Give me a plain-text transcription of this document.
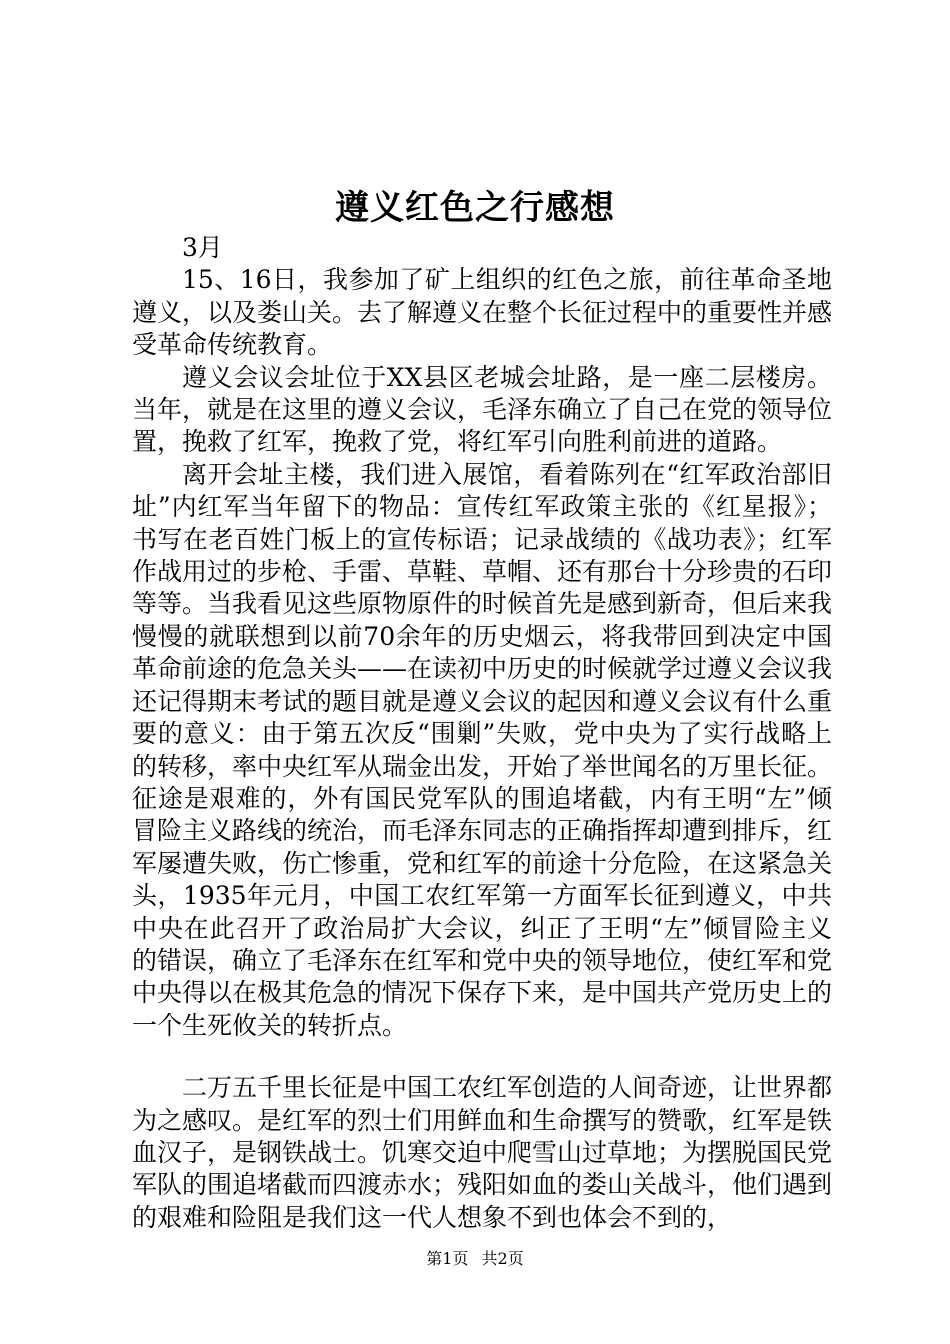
遵义红色之行感想

3月

15、16日，我参加了矿上组织的红色之旅，前往革命圣地遵义，以及娄山关。去了解遵义在整个长征过程中的重要性并感受革命传统教育。

遵义会议会址位于XX县区老城会址路，是一座二层楼房。当年，就是在这里的遵义会议，毛泽东确立了自己在党的领导位置，挽救了红军，挽救了党，将红军引向胜利前进的道路。

离开会址主楼，我们进入展馆，看着陈列在“红军政治部旧址”内红军当年留下的物品：宣传红军政策主张的《红星报》；书写在老百姓门板上的宣传标语；记录战绩的《战功表》；红军作战用过的步枪、手雷、草鞋、草帽、还有那台十分珍贵的石印等等。当我看见这些原物原件的时候首先是感到新奇，但后来我慢慢的就联想到以前70余年的历史烟云，将我带回到决定中国革命前途的危急关头——在读初中历史的时候就学过遵义会议我还记得期末考试的题目就是遵义会议的起因和遵义会议有什么重要的意义：由于第五次反“围剿”失败，党中央为了实行战略上的转移，率中央红军从瑞金出发，开始了举世闻名的万里长征。征途是艰难的，外有国民党军队的围追堵截，内有王明“左”倾冒险主义路线的统治，而毛泽东同志的正确指挥却遭到排斥，红军屡遭失败，伤亡惨重，党和红军的前途十分危险，在这紧急关头，1935年元月，中国工农红军第一方面军长征到遵义，中共中央在此召开了政治局扩大会议，纠正了王明“左”倾冒险主义的错误，确立了毛泽东在红军和党中央的领导地位，使红军和党中央得以在极其危急的情况下保存下来，是中国共产党历史上的一个生死攸关的转折点。

二万五千里长征是中国工农红军创造的人间奇迹，让世界都为之感叹。是红军的烈士们用鲜血和生命撰写的赞歌，红军是铁血汉子，是钢铁战士。饥寒交迫中爬雪山过草地；为摆脱国民党军队的围追堵截而四渡赤水；残阳如血的娄山关战斗，他们遇到的艰难和险阻是我们这一代人想象不到也体会不到的，

第1页 共2页
